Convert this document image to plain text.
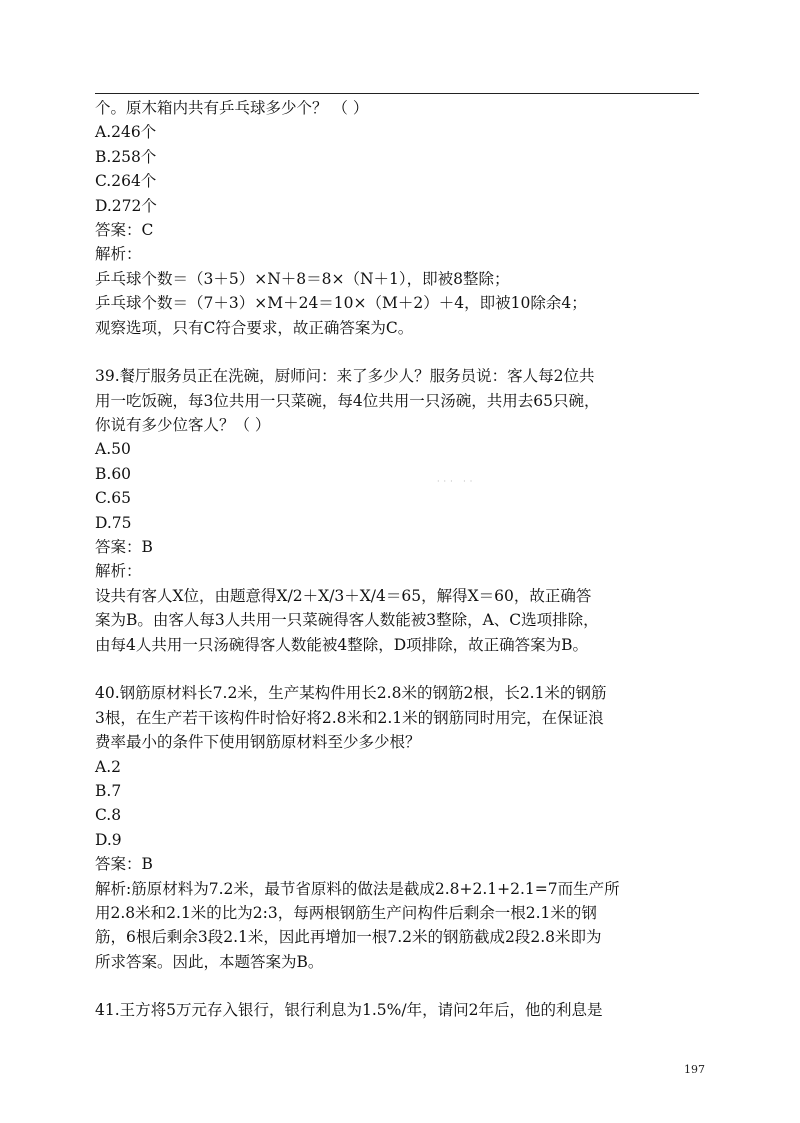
个。原木箱内共有乒乓球多少个？ （ ）
A.246个
B.258个
C.264个
D.272个
答案：C
解析：
乒乓球个数＝（3＋5）×N＋8＝8×（N＋1），即被8整除；
乒乓球个数＝（7＋3）×M＋24＝10×（M＋2）＋4，即被10除余4；
观察选项，只有C符合要求，故正确答案为C。
39.餐厅服务员正在洗碗，厨师问：来了多少人？服务员说：客人每2位共
用一吃饭碗，每3位共用一只菜碗，每4位共用一只汤碗，共用去65只碗，
你说有多少位客人？（ ）
A.50
B.60
C.65
D.75
答案：B
解析：
设共有客人X位，由题意得X/2＋X/3＋X/4＝65，解得X＝60，故正确答
案为B。由客人每3人共用一只菜碗得客人数能被3整除，A、C选项排除，
由每4人共用一只汤碗得客人数能被4整除，D项排除，故正确答案为B。
40.钢筋原材料长7.2米，生产某构件用长2.8米的钢筋2根，长2.1米的钢筋
3根，在生产若干该构件时恰好将2.8米和2.1米的钢筋同时用完，在保证浪
费率最小的条件下使用钢筋原材料至少多少根？
A.2
B.7
C.8
D.9
答案：B
解析:筋原材料为7.2米，最节省原料的做法是截成2.8+2.1+2.1=7而生产所
用2.8米和2.1米的比为2:3，每两根钢筋生产问构件后剩余一根2.1米的钢
筋，6根后剩余3段2.1米，因此再增加一根7.2米的钢筋截成2段2.8米即为
所求答案。因此，本题答案为B。
41.王方将5万元存入银行，银行利息为1.5%/年，请问2年后，他的利息是
··· ··
197
